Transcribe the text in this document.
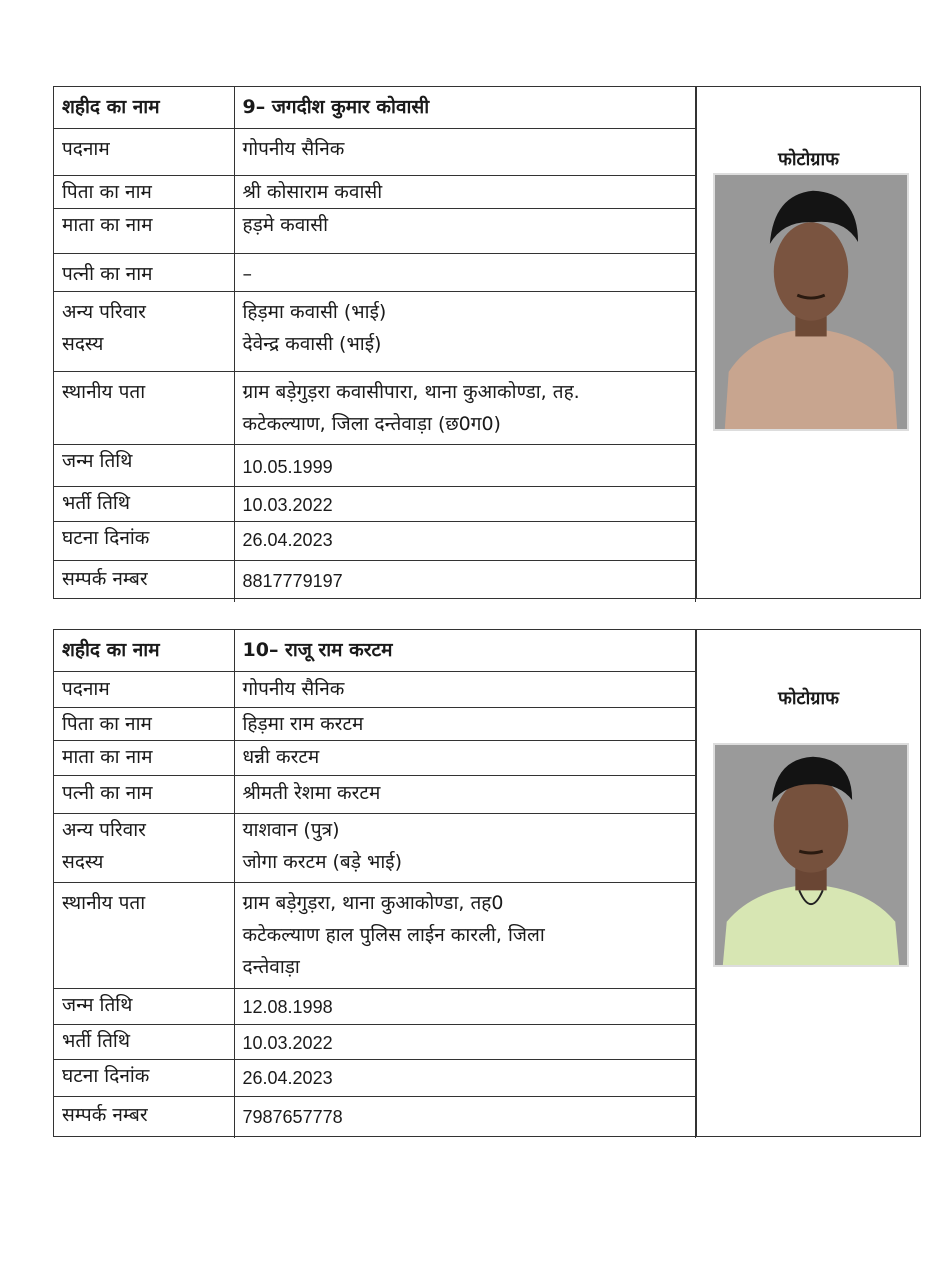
शहीद का नाम	9– जगदीश कुमार कोवासी
पदनाम	गोपनीय सैनिक
पिता का नाम	श्री कोसाराम कवासी
माता का नाम	हड़मे कवासी
पत्नी का नाम	–

अन्य परिवार
सदस्य	हिड़मा कवासी (भाई)
देवेन्द्र कवासी (भाई)

स्थानीय पता	ग्राम बड़ेगुड़रा कवासीपारा, थाना कुआकोण्डा, तह.
कटेकल्याण, जिला दन्तेवाड़ा (छ0ग0)

जन्म तिथि	10.05.1999
भर्ती तिथि	10.03.2022
घटना दिनांक	26.04.2023
सम्पर्क नम्बर	8817779197
फोटोग्राफ
शहीद का नाम	10– राजू राम करटम
पदनाम	गोपनीय सैनिक
पिता का नाम	हिड़मा राम करटम
माता का नाम	धन्नी करटम
पत्नी का नाम	श्रीमती रेशमा करटम

अन्य परिवार
सदस्य	याशवान (पुत्र)
जोगा करटम (बड़े भाई)

स्थानीय पता	ग्राम बड़ेगुड़रा, थाना कुआकोण्डा, तह0
कटेकल्याण हाल पुलिस लाईन कारली, जिला
दन्तेवाड़ा

जन्म तिथि	12.08.1998
भर्ती तिथि	10.03.2022
घटना दिनांक	26.04.2023
सम्पर्क नम्बर	7987657778
फोटोग्राफ
